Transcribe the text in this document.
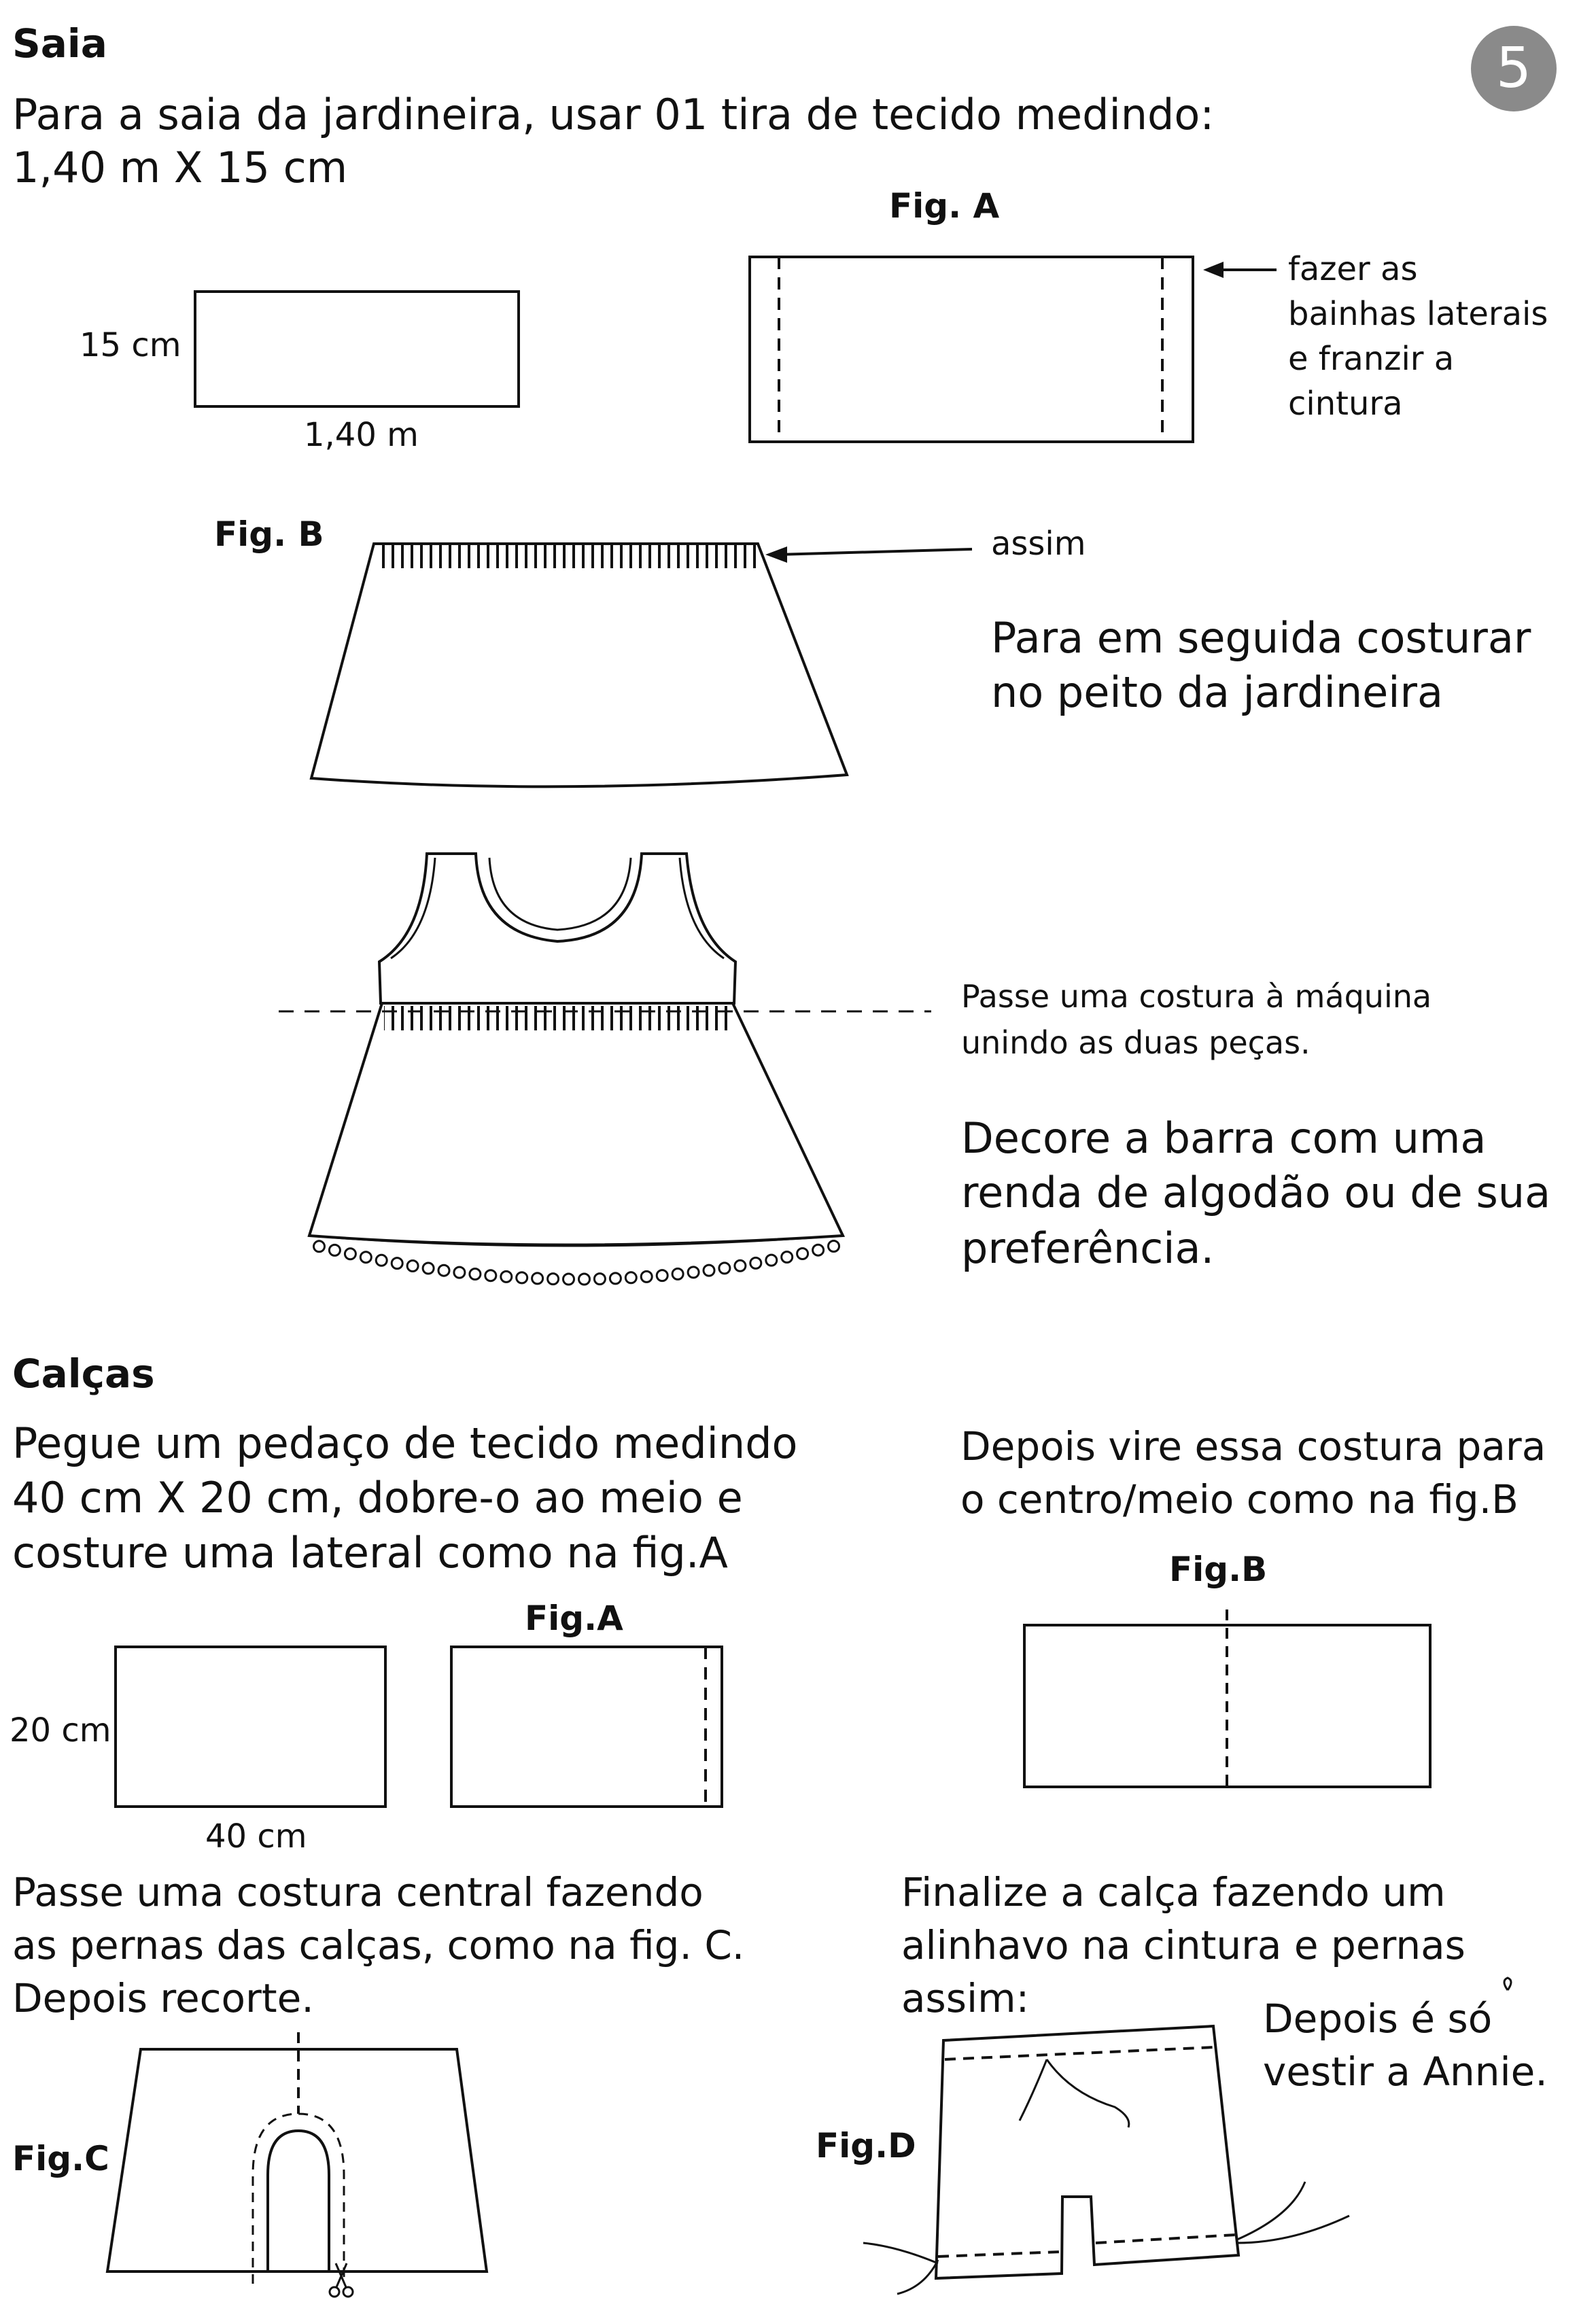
5
Saia
Para a saia da jardineira, usar 01 tira de tecido medindo:
1,40 m X 15 cm
15 cm
1,40 m
Fig. A
fazer as
bainhas laterais
e franzir a
cintura
Fig. B	assim
Para em seguida costurar
no peito da jardineira
Passe uma costura à máquina
unindo as duas peças.
Decore a barra com uma
renda de algodão ou de sua
preferência.
Calças
Pegue um pedaço de tecido medindo
40 cm X 20 cm, dobre-o ao meio e
costure uma lateral como na fig.A
20 cm
40 cm
Fig.A
Depois vire essa costura para
o centro/meio como na fig.B
Fig.B
Passe uma costura central fazendo
as pernas das calças, como na fig. C.
Depois recorte.
Fig.C
Finalize a calça fazendo um
alinhavo na cintura e pernas
assim:
Fig.D
Depois é só
vestir a Annie.
